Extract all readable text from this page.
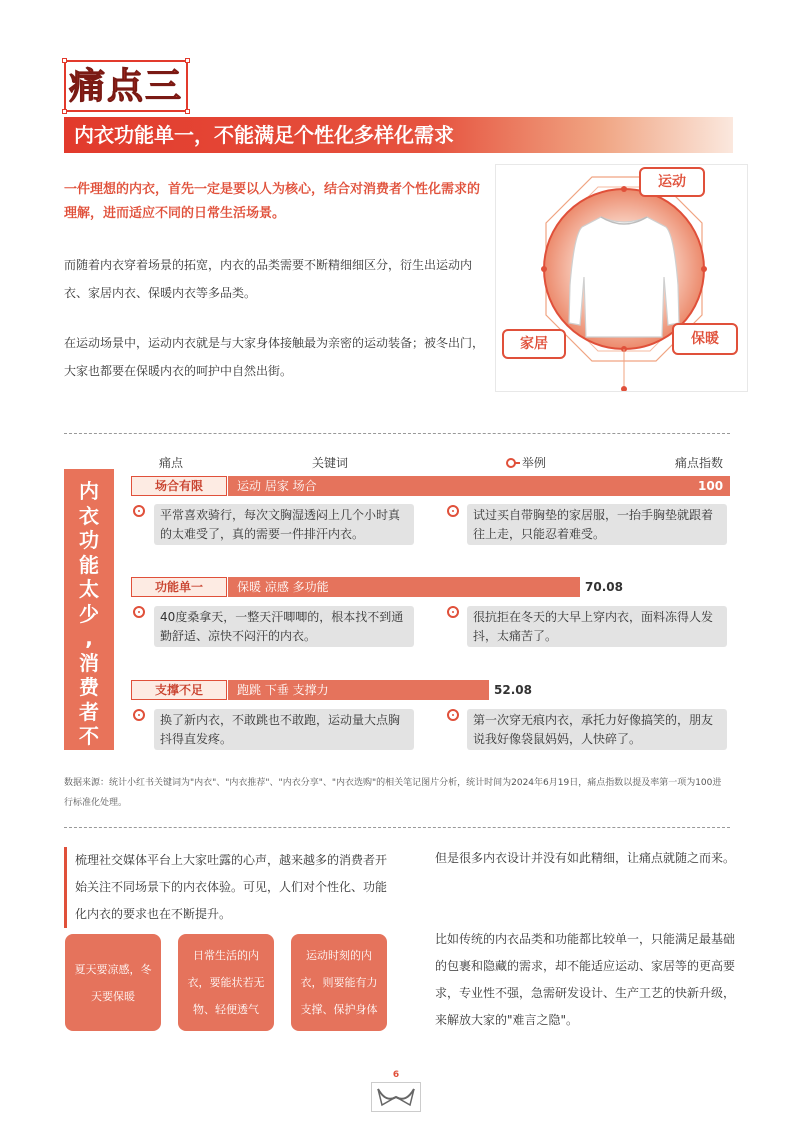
痛点三
内衣功能单一，不能满足个性化多样化需求
一件理想的内衣，首先一定是要以人为核心，结合对消费者个性化需求的理解，进而适应不同的日常生活场景。
而随着内衣穿着场景的拓宽，内衣的品类需要不断精细细区分，衍生出运动内衣、家居内衣、保暖内衣等多品类。
在运动场景中，运动内衣就是与大家身体接触最为亲密的运动装备；被冬出门，大家也都要在保暖内衣的呵护中自然出街。
运动
家居	保暖
内
衣
功
能
太
少
,
消
费
者
不
痛点	关键词	举例	痛点指数
场合有限	运动 居家 场合	100
平常喜欢骑行，每次文胸湿透闷上几个小时真的太难受了，真的需要一件排汗内衣。
试过买自带胸垫的家居服，一抬手胸垫就跟着往上走，只能忍着难受。
功能单一	保暖 凉感 多功能	70.08
40度桑拿天，一整天汗唧唧的，根本找不到通勤舒适、凉快不闷汗的内衣。
很抗拒在冬天的大早上穿内衣，面料冻得人发抖，太痛苦了。
支撑不足	跑跳 下垂 支撑力	52.08
换了新内衣，不敢跳也不敢跑，运动量大点胸抖得直发疼。
第一次穿无痕内衣，承托力好像搞笑的，朋友说我好像袋鼠妈妈，人快碎了。
数据来源：统计小红书关键词为"内衣"、"内衣推荐"、"内衣分享"、"内衣选购"的相关笔记图片分析，统计时间为2024年6月19日，痛点指数以提及率第一项为100进行标准化处理。
梳理社交媒体平台上大家吐露的心声，越来越多的消费者开始关注不同场景下的内衣体验。可见，人们对个性化、功能化内衣的要求也在不断提升。
夏天要凉感，冬天要保暖
日常生活的内衣，要能状若无物、轻便透气
运动时刻的内衣，则要能有力支撑、保护身体
但是很多内衣设计并没有如此精细，让痛点就随之而来。
比如传统的内衣品类和功能都比较单一，只能满足最基础的包裹和隐藏的需求，却不能适应运动、家居等的更高要求，专业性不强，急需研发设计、生产工艺的快新升级，来解放大家的"难言之隐"。
6
